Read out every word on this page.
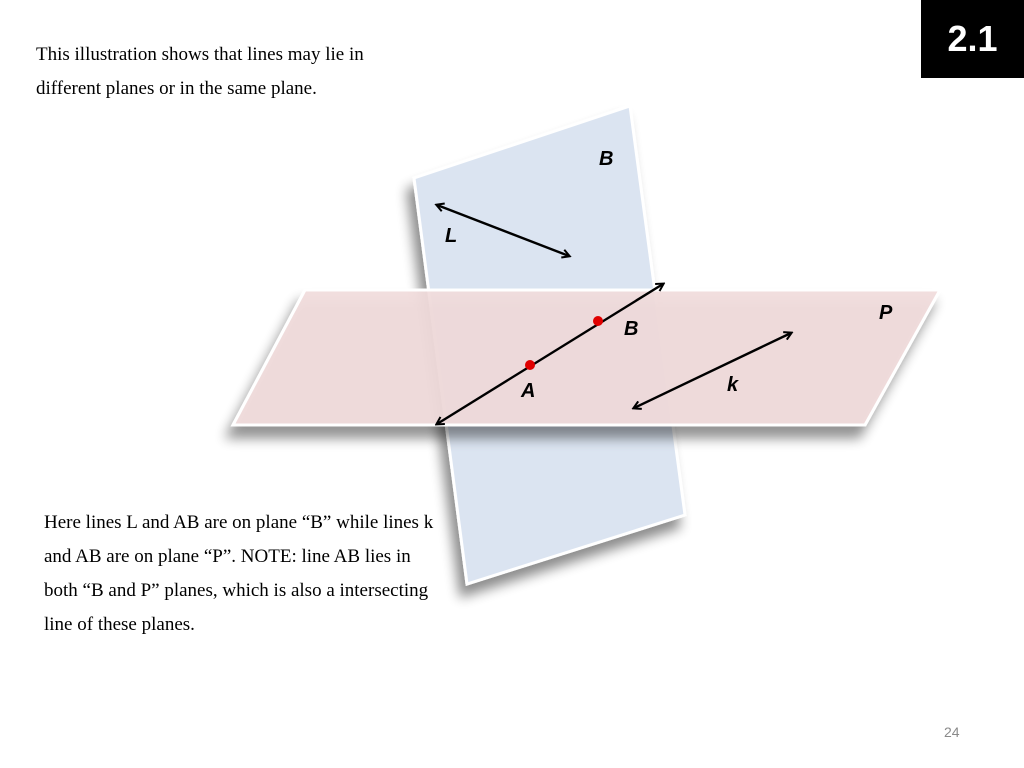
2.1

This illustration shows that lines may lie in different planes or in the same plane.

B
L
P
B
A	k

Here lines L and AB are on plane “B” while lines k and AB are on plane “P”. NOTE: line AB lies in both “B and P” planes, which is also a intersecting line of these planes.

24
